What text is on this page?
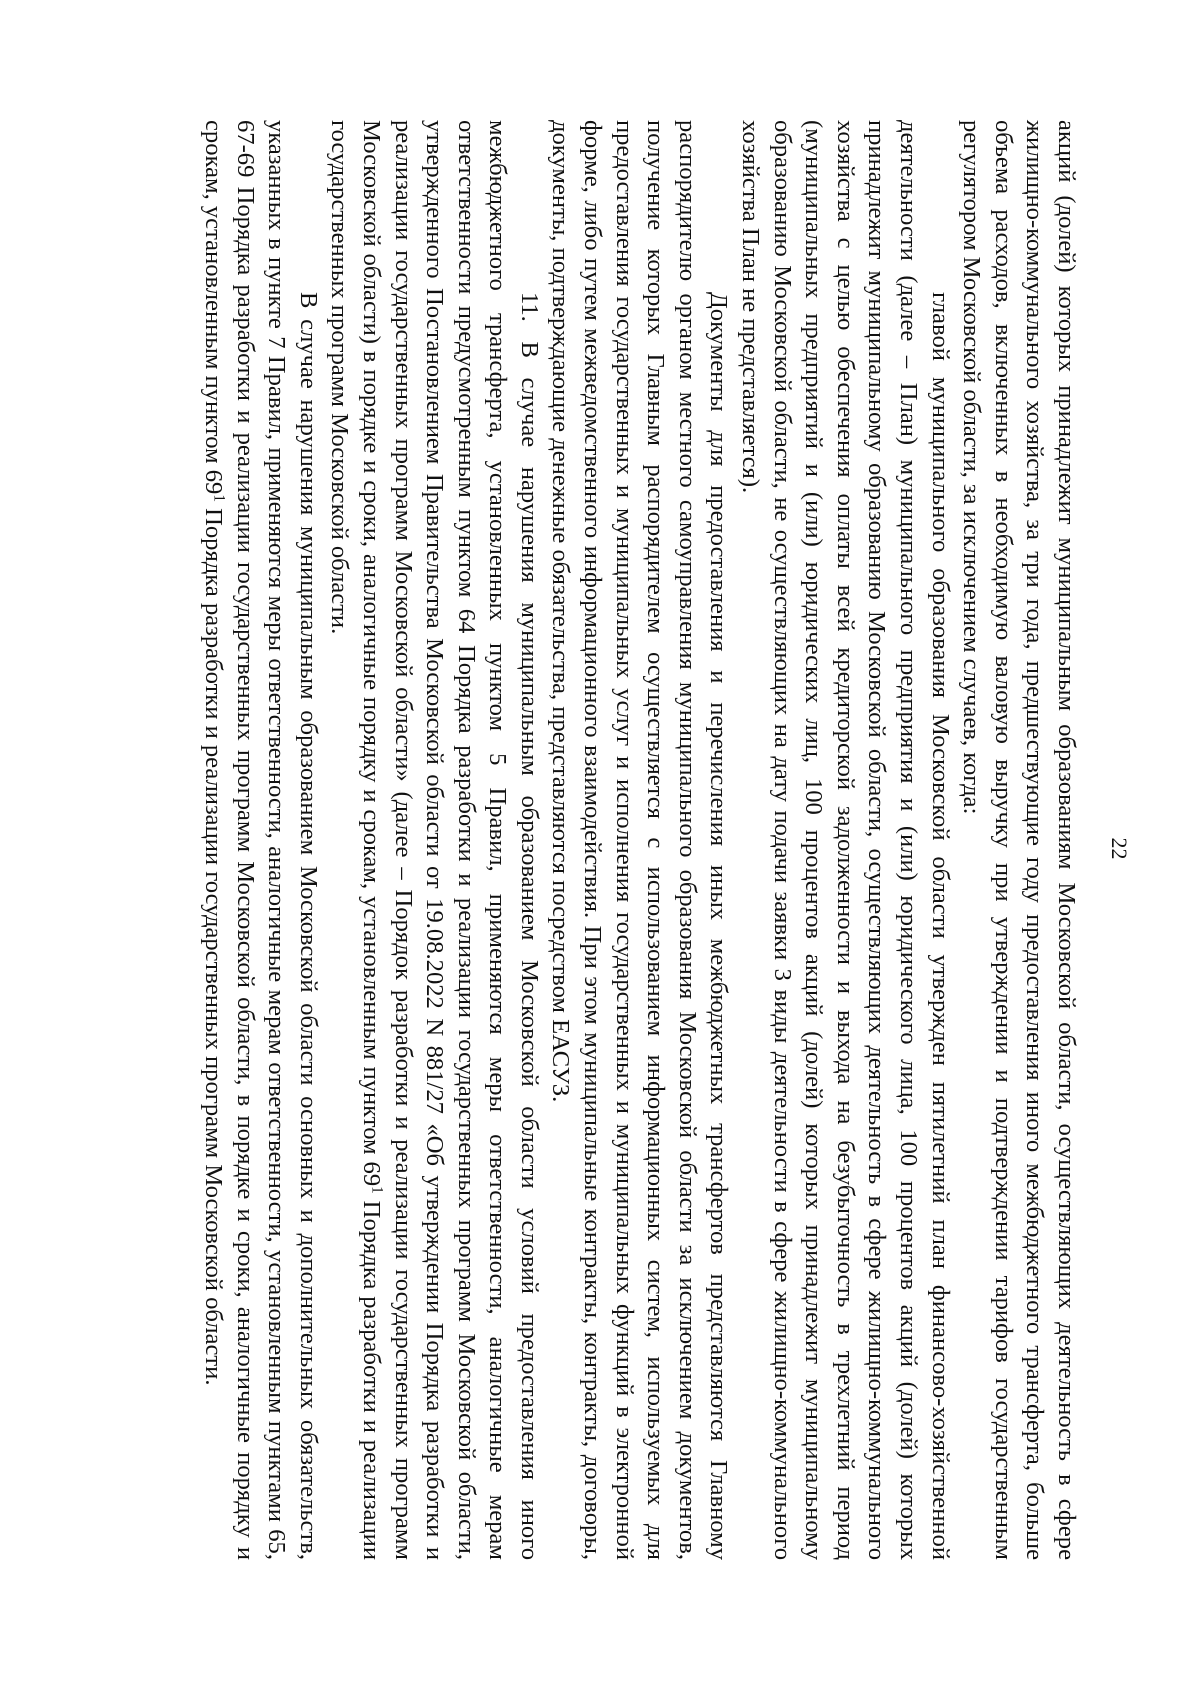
22

акций (долей) которых принадлежит муниципальным образованиям Московской области, осуществляющих деятельность в сфере жилищно-коммунального хозяйства, за три года, предшествующие году предоставления иного межбюджетного трансферта, больше объема расходов, включенных в необходимую валовую выручку при утверждении и подтверждении тарифов государственным регулятором Московской области, за исключением случаев, когда:

главой муниципального образования Московской области утвержден пятилетний план финансово-хозяйственной деятельности (далее – План) муниципального предприятия и (или) юридического лица, 100 процентов акций (долей) которых принадлежит муниципальному образованию Московской области, осуществляющих деятельность в сфере жилищно-коммунального хозяйства с целью обеспечения оплаты всей кредиторской задолженности и выхода на безубыточность в трехлетний период (муниципальных предприятий и (или) юридических лиц, 100 процентов акций (долей) которых принадлежит муниципальному образованию Московской области, не осуществляющих на дату подачи заявки 3 виды деятельности в сфере жилищно-коммунального хозяйства План не представляется).

Документы для предоставления и перечисления иных межбюджетных трансфертов представляются Главному распорядителю органом местного самоуправления муниципального образования Московской области за исключением документов, получение которых Главным распорядителем осуществляется с использованием информационных систем, используемых для предоставления государственных и муниципальных услуг и исполнения государственных и муниципальных функций в электронной форме, либо путем межведомственного информационного взаимодействия. При этом муниципальные контракты, контракты, договоры, документы, подтверждающие денежные обязательства, представляются посредством ЕАСУЗ.

11. В случае нарушения муниципальным образованием Московской области условий предоставления иного межбюджетного трансферта, установленных пунктом 5 Правил, применяются меры ответственности, аналогичные мерам ответственности предусмотренным пунктом 64 Порядка разработки и реализации государственных программ Московской области, утвержденного Постановлением Правительства Московской области от 19.08.2022 N 881/27 «Об утверждении Порядка разработки и реализации государственных программ Московской области» (далее – Порядок разработки и реализации государственных программ Московской области) в порядке и сроки, аналогичные порядку и срокам, установленным пунктом $69^1$ Порядка разработки и реализации государственных программ Московской области.

В случае нарушения муниципальным образованием Московской области основных и дополнительных обязательств, указанных в пункте 7 Правил, применяются меры ответственности, аналогичные мерам ответственности, установленным пунктами 65, 67-69 Порядка разработки и реализации государственных программ Московской области, в порядке и сроки, аналогичные порядку и срокам, установленным пунктом $69^1$ Порядка разработки и реализации государственных программ Московской области.
